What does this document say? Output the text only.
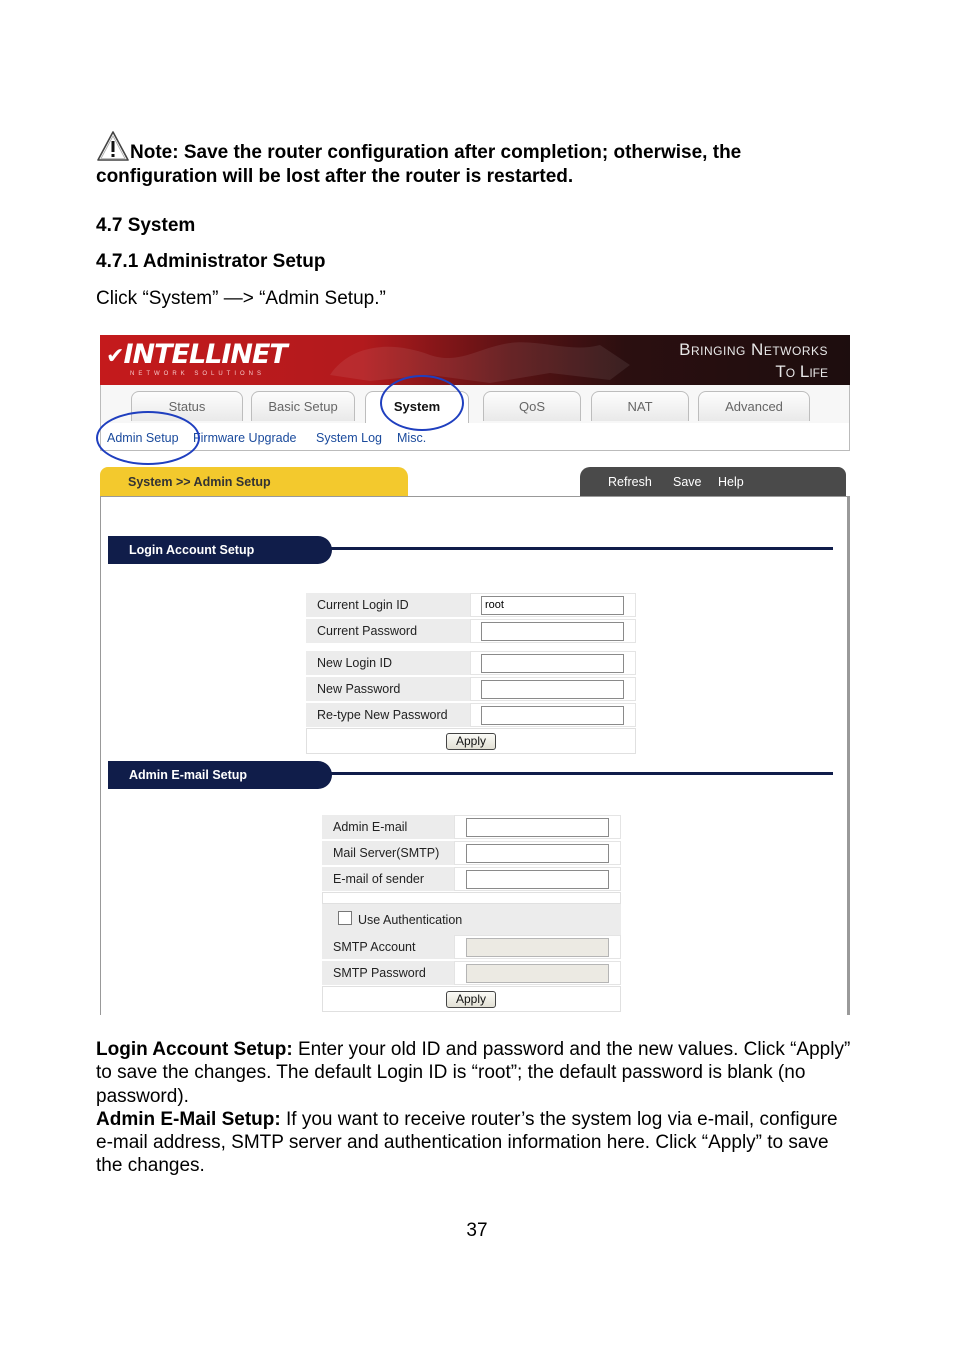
Note: Save the router configuration after completion; otherwise, the configuration will be lost after the router is restarted.
4.7 System
4.7.1 Administrator Setup
Click “System” —> “Admin Setup.”
✔INTELLINET
NETWORK SOLUTIONS
Bringing Networks
To Life
Status	Basic Setup	System	QoS	NAT	Advanced
Admin Setup Firmware Upgrade System Log Misc.
System >> Admin Setup	Refresh Save Help
Login Account Setup
Current Login ID	root
Current Password
New Login ID
New Password
Re-type New Password
Apply
Admin E-mail Setup
Admin E-mail
Mail Server(SMTP)
E-mail of sender
Use Authentication
SMTP Account
SMTP Password
Apply
Login Account Setup: Enter your old ID and password and the new values. Click “Apply” to save the changes. The default Login ID is “root”; the default password is blank (no password).
Admin E-Mail Setup: If you want to receive router’s the system log via e-mail, configure e-mail address, SMTP server and authentication information here. Click “Apply” to save the changes.
37
